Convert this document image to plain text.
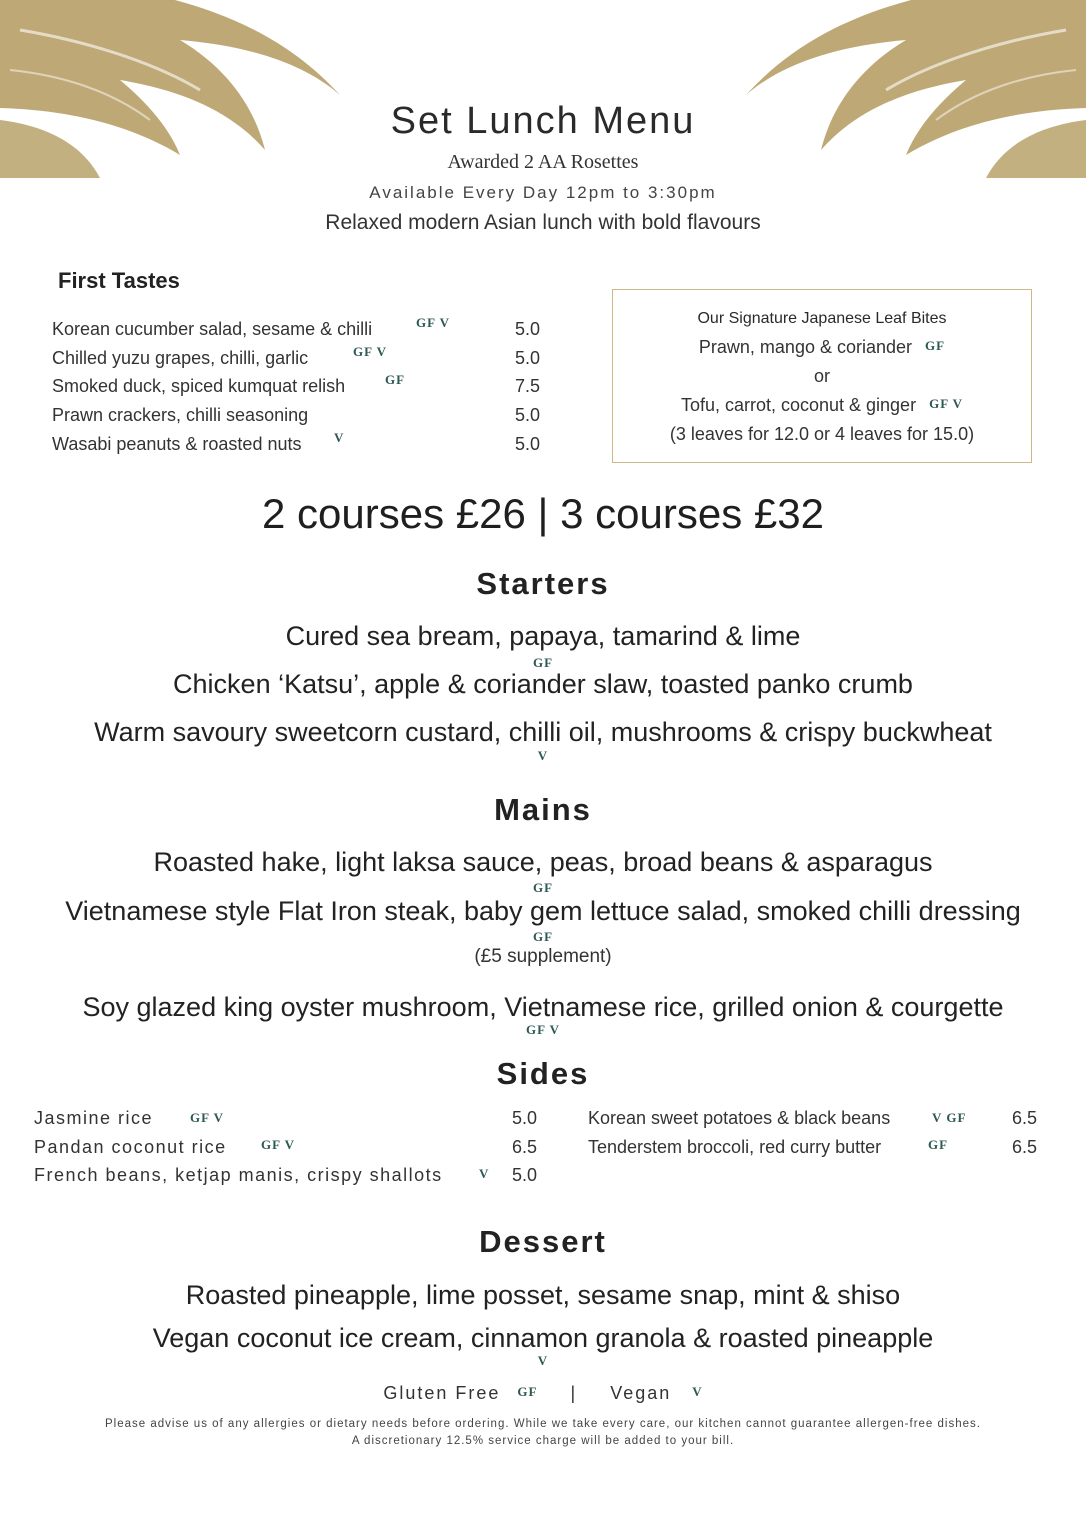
Set Lunch Menu
Awarded 2 AA Rosettes
Available Every Day 12pm to 3:30pm
Relaxed modern Asian lunch with bold flavours
First Tastes
Korean cucumber salad, sesame & chilli	GF V	5.0
Chilled yuzu grapes, chilli, garlic	GF V	5.0
Smoked duck, spiced kumquat relish	GF	7.5
Prawn crackers, chilli seasoning	5.0
Wasabi peanuts & roasted nuts	V	5.0
Our Signature Japanese Leaf Bites
Prawn, mango & coriander GF
or
Tofu, carrot, coconut & ginger GF V
(3 leaves for 12.0 or 4 leaves for 15.0)
2 courses £26 | 3 courses £32
Starters
Cured sea bream, papaya, tamarind & lime
GF
Chicken ‘Katsu’, apple & coriander slaw, toasted panko crumb
Warm savoury sweetcorn custard, chilli oil, mushrooms & crispy buckwheat
V
Mains
Roasted hake, light laksa sauce, peas, broad beans & asparagus
GF
Vietnamese style Flat Iron steak, baby gem lettuce salad, smoked chilli dressing
GF
(£5 supplement)
Soy glazed king oyster mushroom, Vietnamese rice, grilled onion & courgette
GF V
Sides
Jasmine rice	GF V	5.0
Pandan coconut rice	GF V	6.5
French beans, ketjap manis, crispy shallots	V 5.0
Korean sweet potatoes & black beans	V GF	6.5
Tenderstem broccoli, red curry butter	GF	6.5
Dessert
Roasted pineapple, lime posset, sesame snap, mint & shiso
Vegan coconut ice cream, cinnamon granola & roasted pineapple
V
Gluten Free GF | Vegan V
Please advise us of any allergies or dietary needs before ordering. While we take every care, our kitchen cannot guarantee allergen-free dishes.
A discretionary 12.5% service charge will be added to your bill.
